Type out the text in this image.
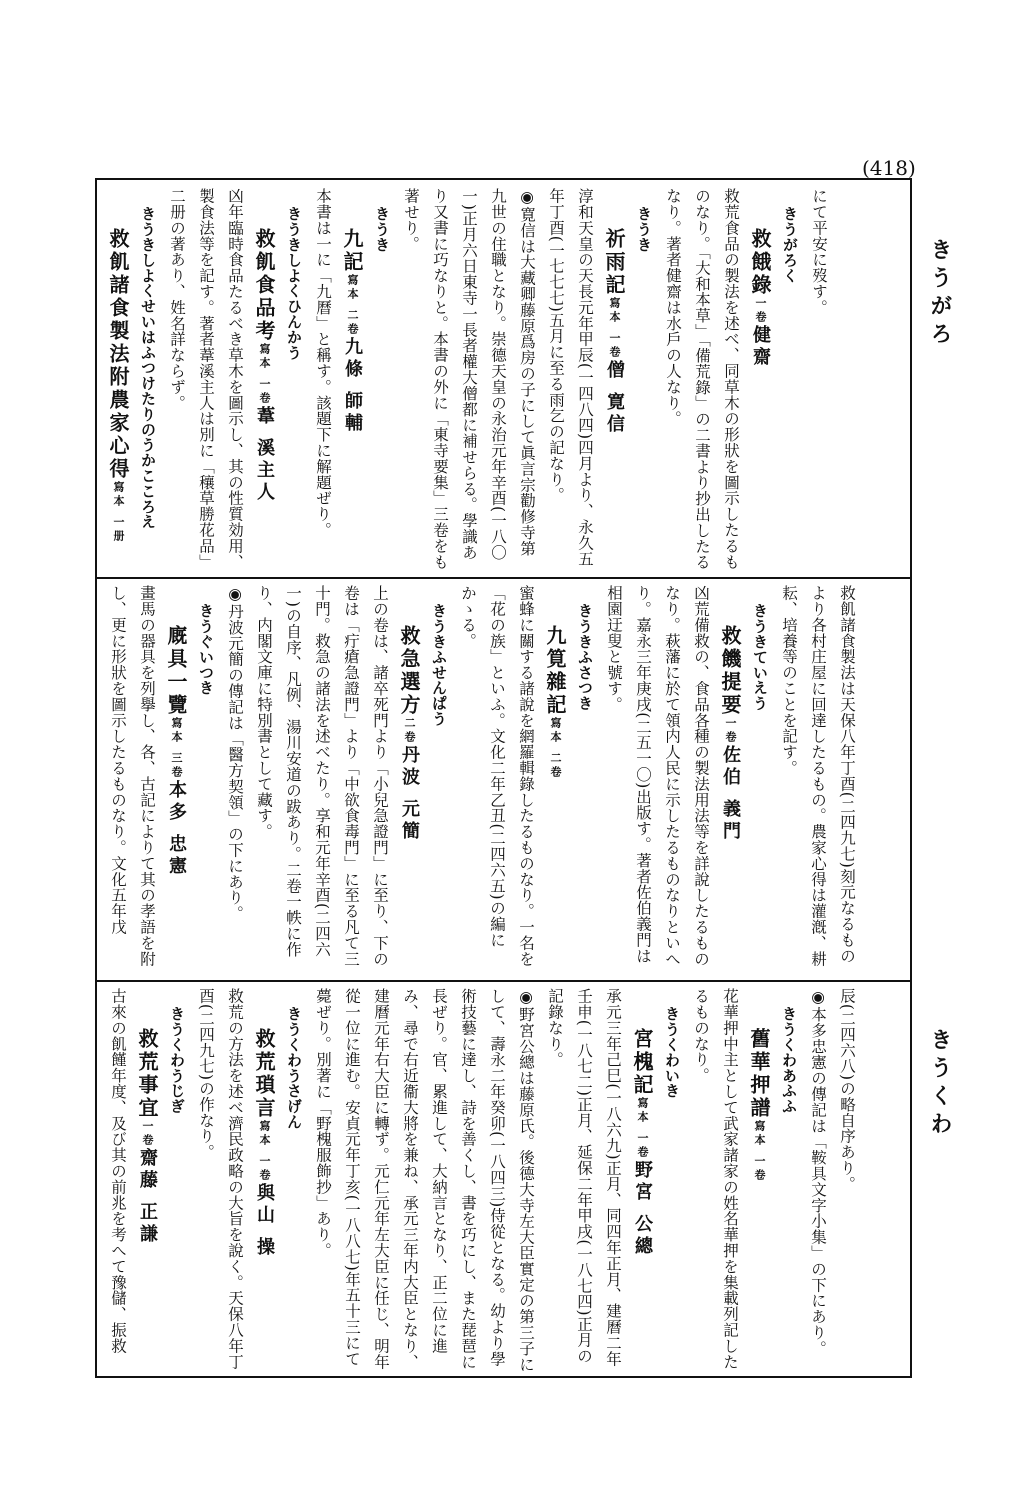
(418)
きうがろ
きうくわ
にて平安に歿す。
きうがろく
救餓錄一卷健齋
救荒食品の製法を述べ、同草木の形狀を圖示したるものなり。「大和本草」「備荒錄」の二書より抄出したるなり。著者健齋は水戶の人なり。
きうき
祈雨記寫本 一卷僧 寛信
淳和天皇の天長元年甲辰(一四八四)四月より、永久五年丁酉(一七七七)五月に至る雨乞の記なり。
◉寛信は大藏卿藤原爲房の子にして眞言宗勸修寺第九世の住職となり。崇德天皇の永治元年辛酉(一八〇一)正月六日東寺一長者權大僧都に補せらる。學識あり又書に巧なりと。本書の外に「東寺要集」三卷をも著せり。
きうき
九記寫本 二卷九條 師輔
本書は一に「九曆」と稱す。該題下に解題ぜり。
きうきしよくひんかう
救飢食品考寫本 一卷葦 溪主人
凶年臨時食品たるべき草木を圖示し、其の性質効用、製食法等を記す。著者葦溪主人は別に「穰草勝花品」二册の著あり、姓名詳ならず。
きうきしよくせいはふつけたりのうかこころえ
救飢諸食製法附農家心得寫本 一册
救飢諸食製法は天保八年丁酉(二四九七)刻元なるものより各村庄屋に回達したるもの。農家心得は灌漑、耕耘、培養等のことを記す。
きうきていえう
救饑提要一卷佐伯 義門
凶荒備救の、食品各種の製法用法等を詳說したるものなり。萩藩に於て領内人民に示したるものなりといへり。嘉永三年庚戌(二五一〇)出版す。著者佐伯義門は相園迂叟と號す。
きうきふさつき
九筧雜記寫本 二卷
蜜蜂に關する諸說を網羅輯錄したるものなり。一名を「花の族」といふ。文化二年乙丑(二四六五)の編にかゝる。
きうきふせんぱう
救急選方二卷丹波 元簡
上の卷は、諸卒死門より「小兒急證門」に至り、下の卷は「疔瘡急證門」より「中欲食毒門」に至る凡て三十門。救急の諸法を述べたり。享和元年辛酉(二四六一)の自序、凡例、湯川安道の跋あり。二卷一帙に作り、内閣文庫に特別書として藏す。
◉丹波元簡の傳記は「醫方契領」の下にあり。
きうぐいつき
廐具一覽寫本 三卷本多 忠憲
畫馬の器具を列擧し、各、古記によりて其の孝語を附し、更に形狀を圖示したるものなり。文化五年戊
辰(二四六八)の略自序あり。
◉本多忠憲の傳記は「鞍具文字小集」の下にあり。
きうくわあふふ
舊華押譜寫本 一卷
花華押中主として武家諸家の姓名華押を集載列記したるものなり。
きうくわいき
宮槐記寫本 一卷野宮 公總
承元三年己巳(一八六九)正月、同四年正月、建曆二年壬申(一八七二)正月、延保二年甲戌(一八七四)正月の記錄なり。
◉野宮公總は藤原氏。後德大寺左大臣實定の第三子にして、壽永二年癸卯(一八四三)侍從となる。幼より學術技藝に達し、詩を善くし、書を巧にし、また琵琶に長ぜり。官、累進して、大納言となり、正二位に進み、尋で右近衞大將を兼ね、承元三年内大臣となり、建曆元年右大臣に轉ず。元仁元年左大臣に任じ、明年從一位に進む。安貞元年丁亥(一八八七)年五十三にて薨ぜり。別著に「野槐服飾抄」あり。
きうくわうさげん
救荒瑣言寫本 一卷與山 操
救荒の方法を述べ濟民政略の大旨を說く。天保八年丁酉(二四九七)の作なり。
きうくわうじぎ
救荒事宜一卷齋藤 正謙
古來の飢饉年度、及び其の前兆を考へて豫儲、振救
